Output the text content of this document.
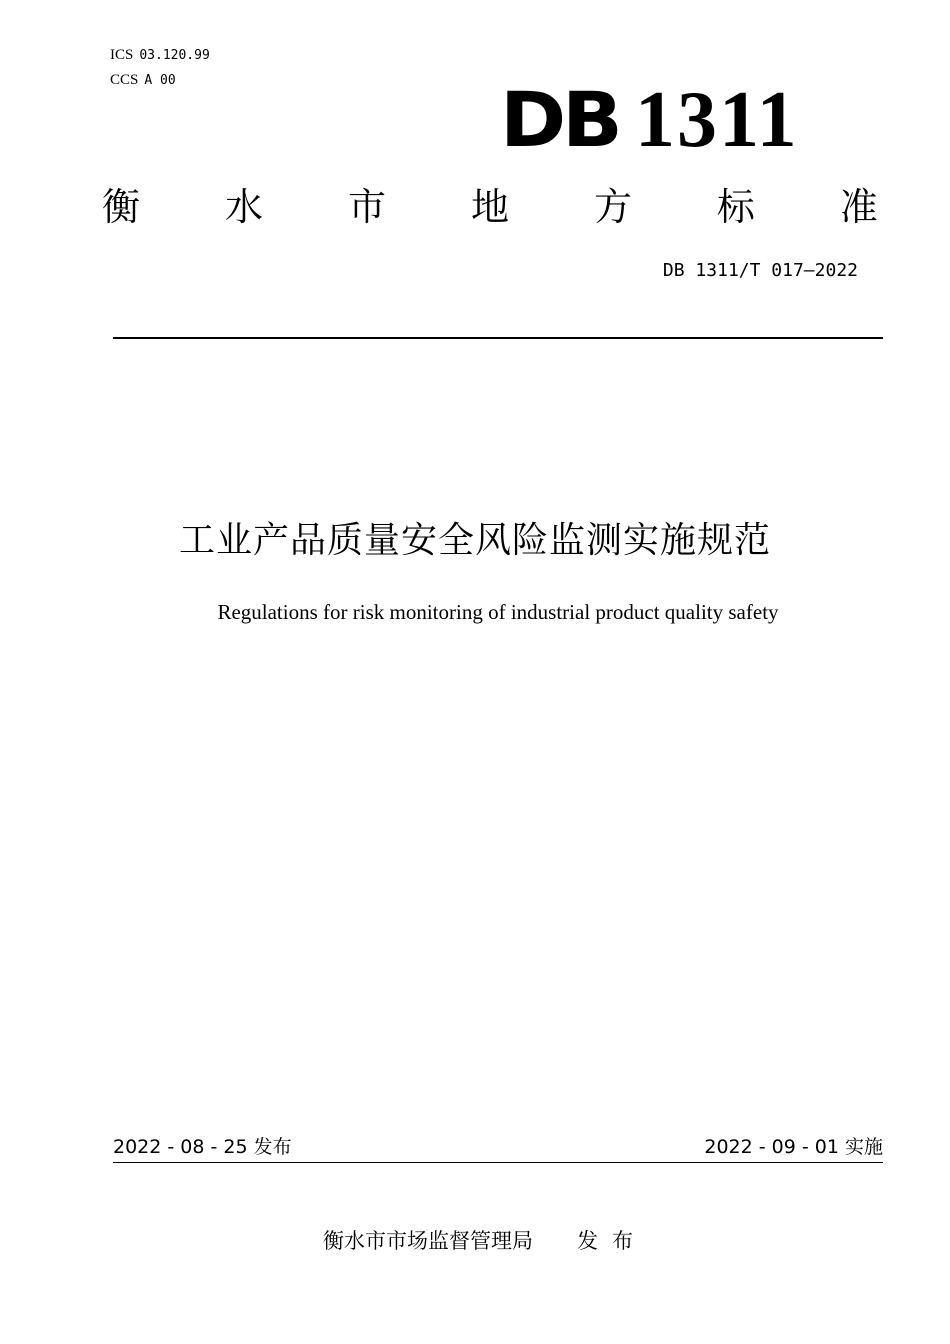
ICS 03.120.99
CCS A 00	DB 1311
衡 水 市 地 方 标 准
DB 1311/T 017—2022
工业产品质量安全风险监测实施规范
Regulations for risk monitoring of industrial product quality safety
2022 - 08 - 25 发布	2022 - 09 - 01 实施
衡水市市场监督管理局 发布
